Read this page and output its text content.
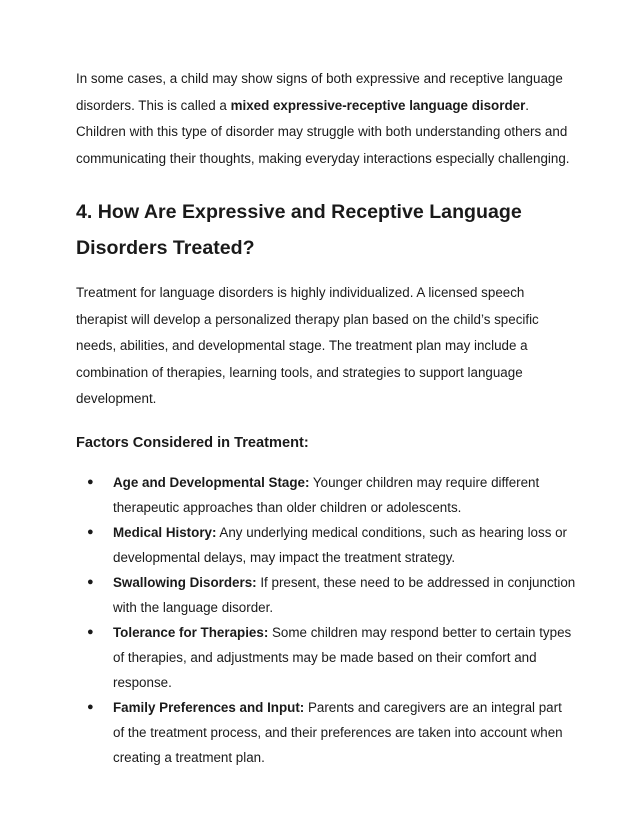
In some cases, a child may show signs of both expressive and receptive language disorders. This is called a mixed expressive-receptive language disorder. Children with this type of disorder may struggle with both understanding others and communicating their thoughts, making everyday interactions especially challenging.

4. How Are Expressive and Receptive Language Disorders Treated?

Treatment for language disorders is highly individualized. A licensed speech therapist will develop a personalized therapy plan based on the child’s specific needs, abilities, and developmental stage. The treatment plan may include a combination of therapies, learning tools, and strategies to support language development.

Factors Considered in Treatment:
● Age and Developmental Stage: Younger children may require different therapeutic approaches than older children or adolescents.
● Medical History: Any underlying medical conditions, such as hearing loss or developmental delays, may impact the treatment strategy.
● Swallowing Disorders: If present, these need to be addressed in conjunction with the language disorder.
● Tolerance for Therapies: Some children may respond better to certain types of therapies, and adjustments may be made based on their comfort and response.
● Family Preferences and Input: Parents and caregivers are an integral part of the treatment process, and their preferences are taken into account when creating a treatment plan.
